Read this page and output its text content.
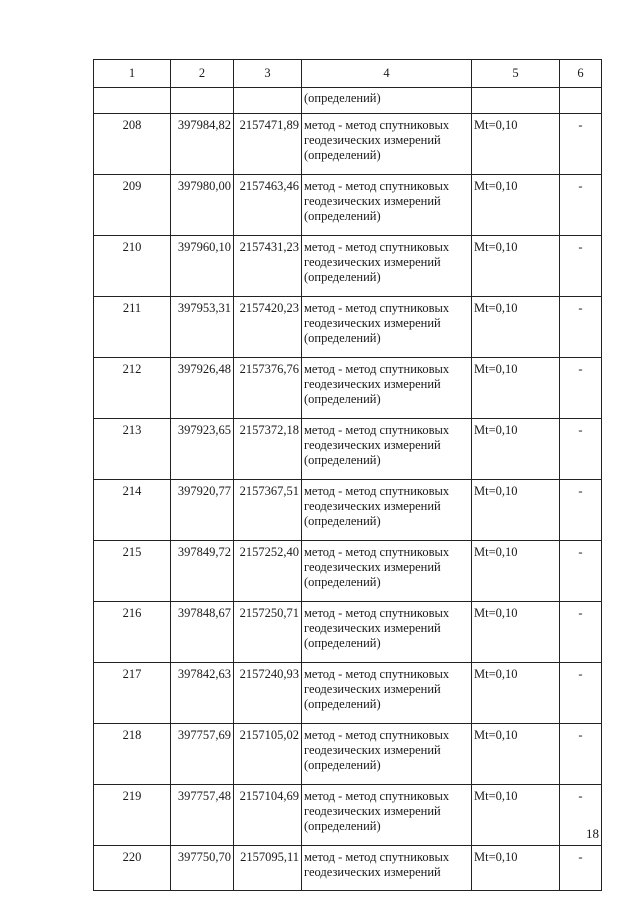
1	2	3	4	5	6
			(определений)		
208	397984,82	2157471,89	метод - метод спутниковых
геодезических измерений
(определений)	Mt=0,10	-
209	397980,00	2157463,46	метод - метод спутниковых
геодезических измерений
(определений)	Mt=0,10	-
210	397960,10	2157431,23	метод - метод спутниковых
геодезических измерений
(определений)	Mt=0,10	-
211	397953,31	2157420,23	метод - метод спутниковых
геодезических измерений
(определений)	Mt=0,10	-
212	397926,48	2157376,76	метод - метод спутниковых
геодезических измерений
(определений)	Mt=0,10	-
213	397923,65	2157372,18	метод - метод спутниковых
геодезических измерений
(определений)	Mt=0,10	-
214	397920,77	2157367,51	метод - метод спутниковых
геодезических измерений
(определений)	Mt=0,10	-
215	397849,72	2157252,40	метод - метод спутниковых
геодезических измерений
(определений)	Mt=0,10	-
216	397848,67	2157250,71	метод - метод спутниковых
геодезических измерений
(определений)	Mt=0,10	-
217	397842,63	2157240,93	метод - метод спутниковых
геодезических измерений
(определений)	Mt=0,10	-
218	397757,69	2157105,02	метод - метод спутниковых
геодезических измерений
(определений)	Mt=0,10	-
219	397757,48	2157104,69	метод - метод спутниковых
геодезических измерений
(определений)	Mt=0,10	-
220	397750,70	2157095,11	метод - метод спутниковых
геодезических измерений	Mt=0,10	-
18
